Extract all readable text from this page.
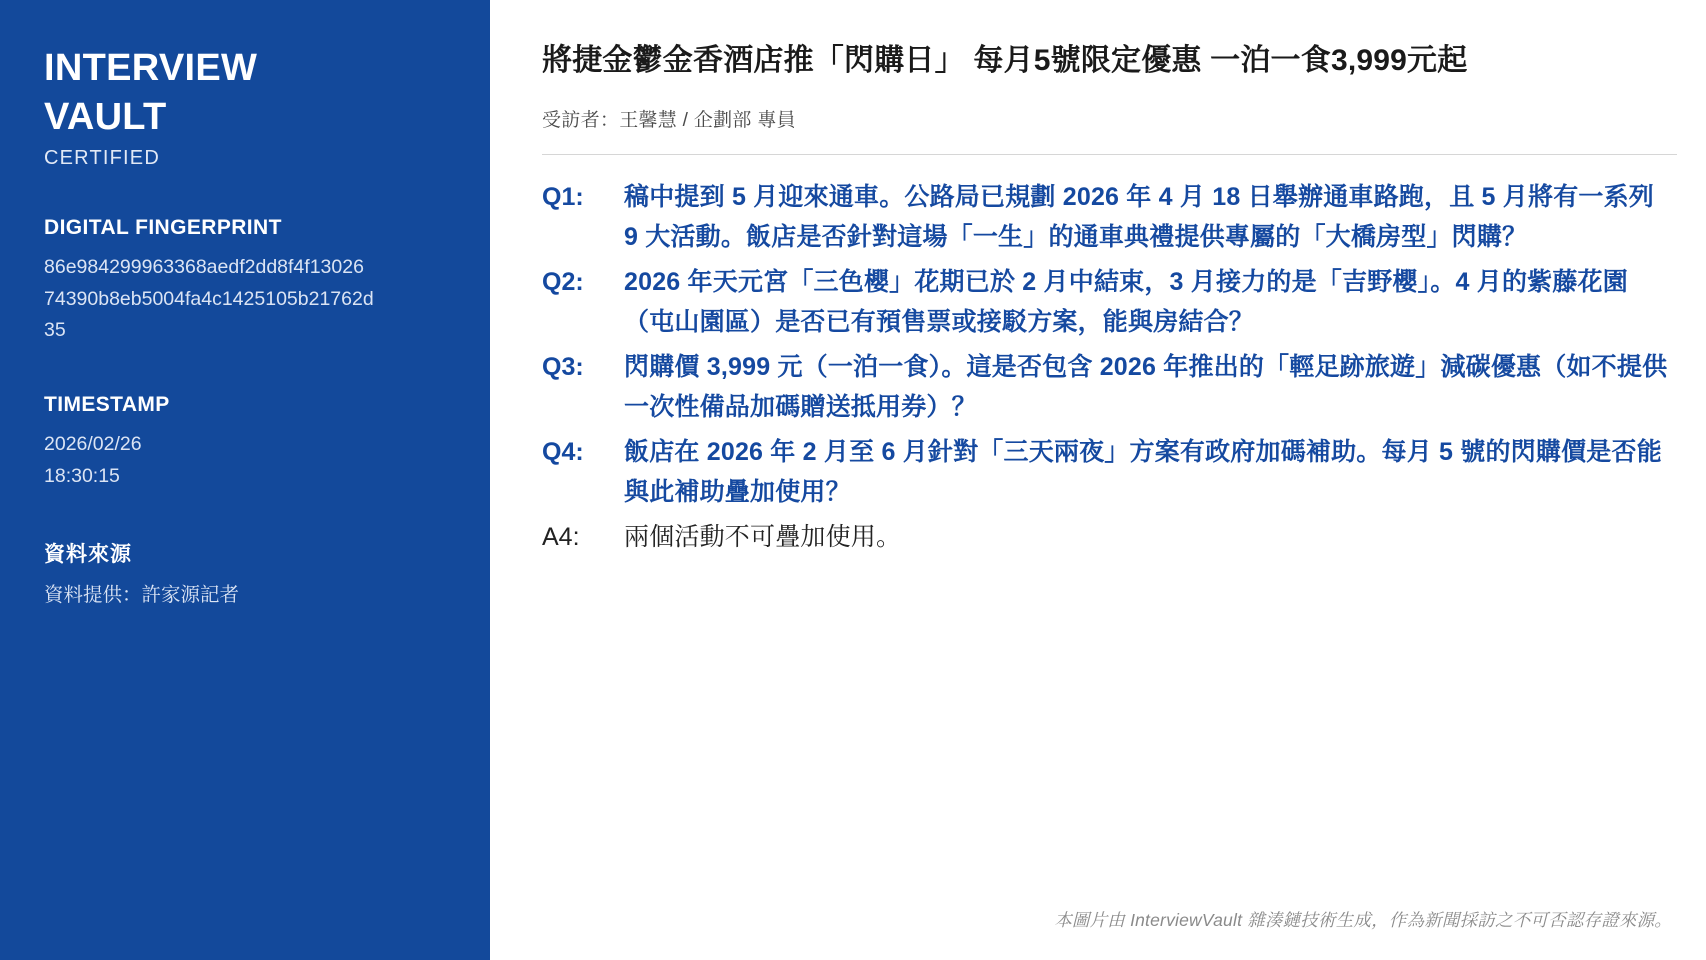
INTERVIEW
VAULT
CERTIFIED
DIGITAL FINGERPRINT
86e984299963368aedf2dd8f4f1302674390b8eb5004fa4c1425105b21762d35
TIMESTAMP
2026/02/26
18:30:15
資料來源
資料提供：許家源記者
將捷金鬱金香酒店推「閃購日」 每月5號限定優惠 一泊一食3,999元起
受訪者：王馨慧 / 企劃部 專員
Q1:	稿中提到 5 月迎來通車。公路局已規劃 2026 年 4 月 18 日舉辦通車路跑，且 5 月將有一系列 9 大活動。飯店是否針對這場「一生」的通車典禮提供專屬的「大橋房型」閃購？
Q2:	2026 年天元宮「三色櫻」花期已於 2 月中結束，3 月接力的是「吉野櫻」。4 月的紫藤花園（屯山園區）是否已有預售票或接駁方案，能與房結合？
Q3:	閃購價 3,999 元（一泊一食）。這是否包含 2026 年推出的「輕足跡旅遊」減碳優惠（如不提供一次性備品加碼贈送抵用券）？
Q4:	飯店在 2026 年 2 月至 6 月針對「三天兩夜」方案有政府加碼補助。每月 5 號的閃購價是否能與此補助疊加使用？
A4:	兩個活動不可疊加使用。
本圖片由 InterviewVault 雜湊鏈技術生成，作為新聞採訪之不可否認存證來源。
